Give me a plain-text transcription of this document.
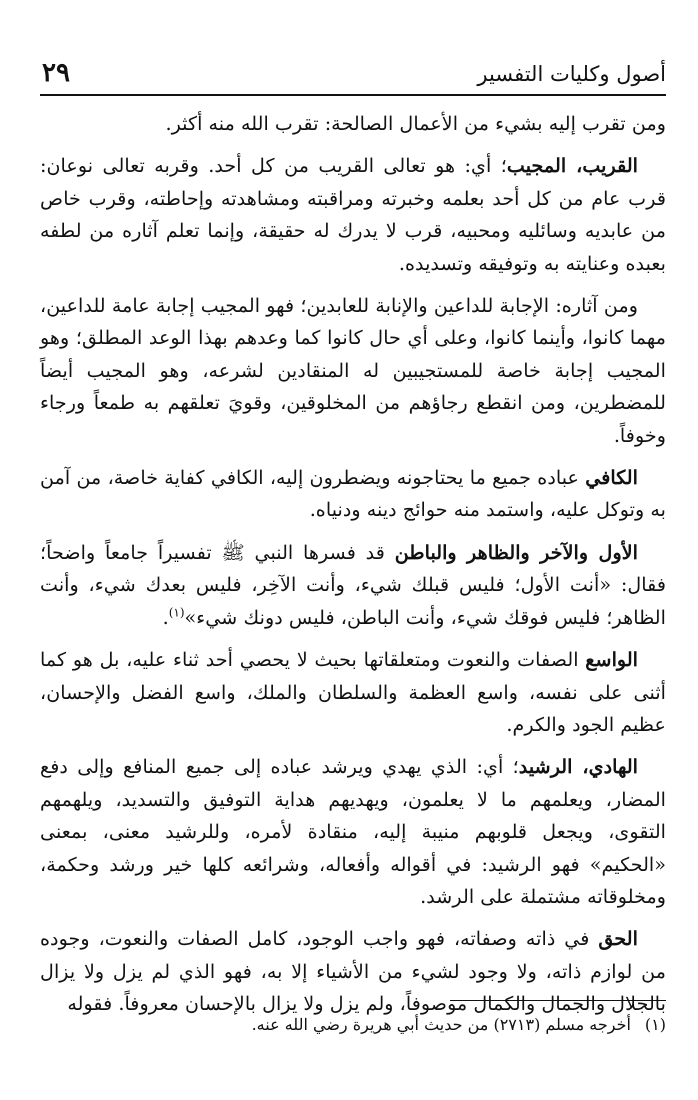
أصول وكليات التفسير
٢٩

ومن تقرب إليه بشيء من الأعمال الصالحة: تقرب الله منه أكثر.

القريب، المجيب؛ أي: هو تعالى القريب من كل أحد. وقربه تعالى نوعان: قرب عام من كل أحد بعلمه وخبرته ومراقبته ومشاهدته وإحاطته، وقرب خاص من عابديه وسائليه ومحبيه، قرب لا يدرك له حقيقة، وإنما تعلم آثاره من لطفه بعبده وعنايته به وتوفيقه وتسديده.

ومن آثاره: الإجابة للداعين والإنابة للعابدين؛ فهو المجيب إجابة عامة للداعين، مهما كانوا، وأينما كانوا، وعلى أي حال كانوا كما وعدهم بهذا الوعد المطلق؛ وهو المجيب إجابة خاصة للمستجيبين له المنقادين لشرعه، وهو المجيب أيضاً للمضطرين، ومن انقطع رجاؤهم من المخلوقين، وقويَ تعلقهم به طمعاً ورجاء وخوفاً.

الكافي عباده جميع ما يحتاجونه ويضطرون إليه، الكافي كفاية خاصة، من آمن به وتوكل عليه، واستمد منه حوائج دينه ودنياه.

الأول والآخر والظاهر والباطن قد فسرها النبي ﷺ تفسيراً جامعاً واضحاً؛ فقال: «أنت الأول؛ فليس قبلك شيء، وأنت الآخِر، فليس بعدك شيء، وأنت الظاهر؛ فليس فوقك شيء، وأنت الباطن، فليس دونك شيء»$^{(١)}$.

الواسع الصفات والنعوت ومتعلقاتها بحيث لا يحصي أحد ثناء عليه، بل هو كما أثنى على نفسه، واسع العظمة والسلطان والملك، واسع الفضل والإحسان، عظيم الجود والكرم.

الهادي، الرشيد؛ أي: الذي يهدي ويرشد عباده إلى جميع المنافع وإلى دفع المضار، ويعلمهم ما لا يعلمون، ويهديهم هداية التوفيق والتسديد، ويلهمهم التقوى، ويجعل قلوبهم منيبة إليه، منقادة لأمره، وللرشيد معنى، بمعنى «الحكيم» فهو الرشيد: في أقواله وأفعاله، وشرائعه كلها خير ورشد وحكمة، ومخلوقاته مشتملة على الرشد.

الحق في ذاته وصفاته، فهو واجب الوجود، كامل الصفات والنعوت، وجوده من لوازم ذاته، ولا وجود لشيء من الأشياء إلا به، فهو الذي لم يزل ولا يزال بالجلال والجمال والكمال موصوفاً، ولم يزل ولا يزال بالإحسان معروفاً. فقوله

(١)أخرجه مسلم (٢٧١٣) من حديث أبي هريرة رضي الله عنه.
